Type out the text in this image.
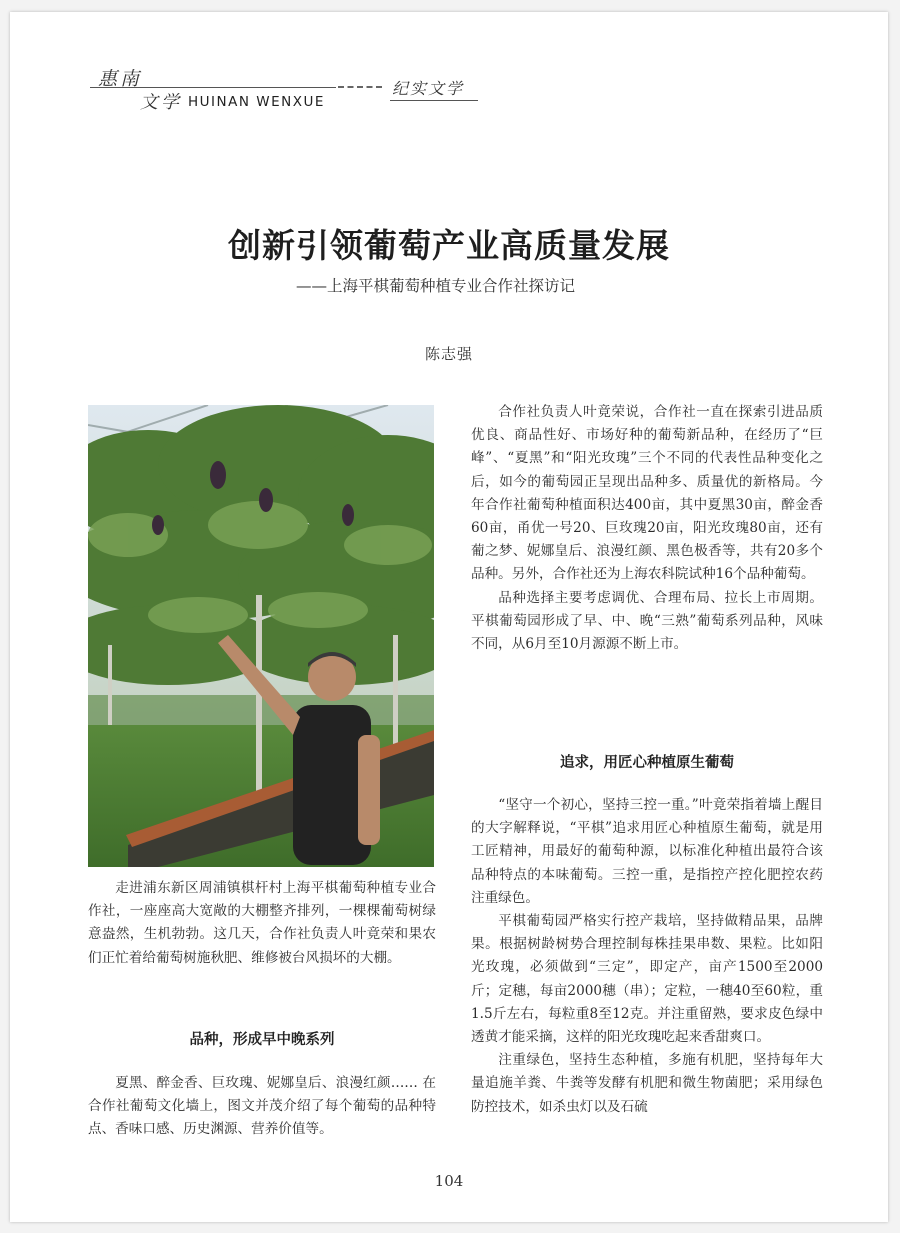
惠南
文学 HUINAN WENXUE
纪实文学
创新引领葡萄产业高质量发展
——上海平棋葡萄种植专业合作社探访记
陈志强

走进浦东新区周浦镇棋杆村上海平棋葡萄种植专业合作社，一座座高大宽敞的大棚整齐排列，一棵棵葡萄树绿意盎然，生机勃勃。这几天，合作社负责人叶竟荣和果农们正忙着给葡萄树施秋肥、维修被台风损坏的大棚。

品种，形成早中晚系列

夏黑、醉金香、巨玫瑰、妮娜皇后、浪漫红颜…… 在合作社葡萄文化墙上，图文并茂介绍了每个葡萄的品种特点、香味口感、历史渊源、营养价值等。

合作社负责人叶竟荣说，合作社一直在探索引进品质优良、商品性好、市场好种的葡萄新品种，在经历了“巨峰”、“夏黑”和“阳光玫瑰”三个不同的代表性品种变化之后，如今的葡萄园正呈现出品种多、质量优的新格局。今年合作社葡萄种植面积达400亩，其中夏黑30亩，醉金香60亩，甬优一号20、巨玫瑰20亩，阳光玫瑰80亩，还有葡之梦、妮娜皇后、浪漫红颜、黑色极香等，共有20多个品种。另外，合作社还为上海农科院试种16个品种葡萄。

品种选择主要考虑调优、合理布局、拉长上市周期。平棋葡萄园形成了早、中、晚“三熟”葡萄系列品种，风味不同，从6月至10月源源不断上市。

追求，用匠心种植原生葡萄

“坚守一个初心，坚持三控一重。”叶竟荣指着墙上醒目的大字解释说，“平棋”追求用匠心种植原生葡萄，就是用工匠精神，用最好的葡萄种源，以标准化种植出最符合该品种特点的本味葡萄。三控一重，是指控产控化肥控农药注重绿色。

平棋葡萄园严格实行控产栽培，坚持做精品果，品牌果。根据树龄树势合理控制每株挂果串数、果粒。比如阳光玫瑰，必须做到“三定”，即定产，亩产1500至2000斤；定穗，每亩2000穗（串）；定粒，一穗40至60粒，重1.5斤左右，每粒重8至12克。并注重留熟，要求皮色绿中透黄才能采摘，这样的阳光玫瑰吃起来香甜爽口。

注重绿色，坚持生态种植，多施有机肥，坚持每年大量追施羊粪、牛粪等发酵有机肥和微生物菌肥；采用绿色防控技术，如杀虫灯以及石硫

104
